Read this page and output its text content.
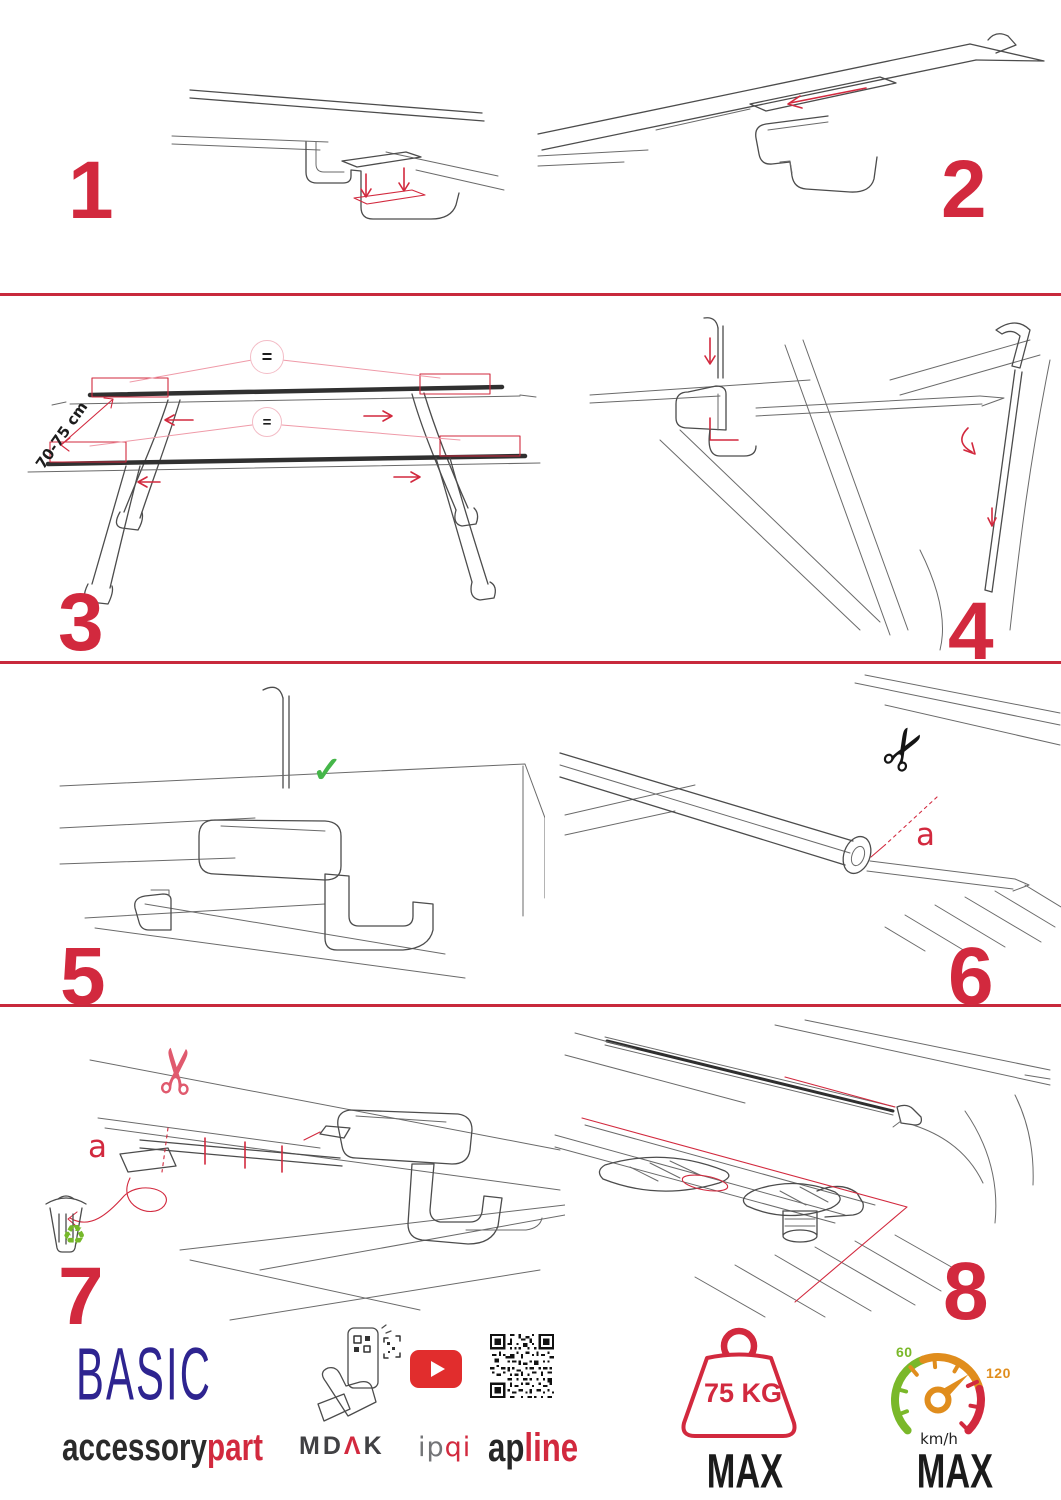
1	2
3	4
5	6
7	8
=
=
70-75 cm
✓	✂
a
✂
a
♻
BASIC
accessorypart	MDΛK ipqi apline
75 KG
MAX
60
120
km/h
MAX
